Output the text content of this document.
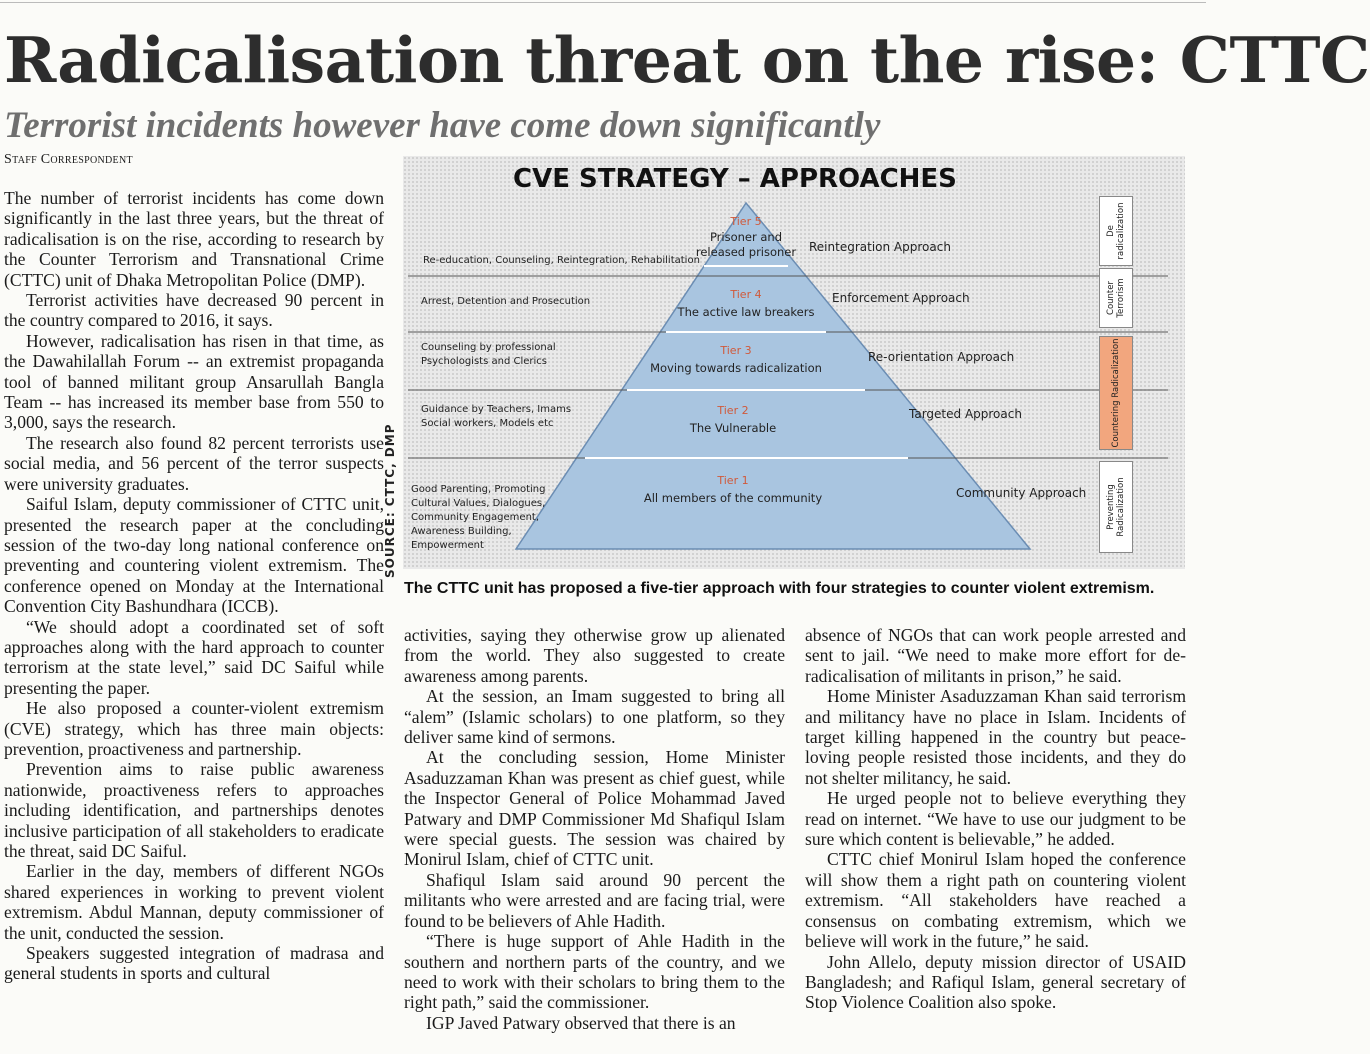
Radicalisation threat on the rise: CTTC
Terrorist incidents however have come down significantly
Staff Correspondent

The number of terrorist incidents has come down significantly in the last three years, but the threat of radicalisation is on the rise, according to research by the Counter Terrorism and Transnational Crime (CTTC) unit of Dhaka Metropolitan Police (DMP).

Terrorist activities have decreased 90 percent in the country compared to 2016, it says.

However, radicalisation has risen in that time, as the Dawahilallah Forum -- an extremist propaganda tool of banned militant group Ansarullah Bangla Team -- has increased its member base from 550 to 3,000, says the research.

The research also found 82 percent terrorists use social media, and 56 percent of the terror suspects were university graduates.

Saiful Islam, deputy commissioner of CTTC unit, presented the research paper at the concluding session of the two-day long national conference on preventing and countering violent extremism. The conference opened on Monday at the International Convention City Bashundhara (ICCB).

“We should adopt a coordinated set of soft approaches along with the hard approach to counter terrorism at the state level,” said DC Saiful while presenting the paper.

He also proposed a counter-violent extremism (CVE) strategy, which has three main objects: prevention, proactiveness and partnership.

Prevention aims to raise public awareness nationwide, proactiveness refers to approaches including identification, and partnerships denotes inclusive participation of all stakeholders to eradicate the threat, said DC Saiful.

Earlier in the day, members of different NGOs shared experiences in working to prevent violent extremism. Abdul Mannan, deputy commissioner of the unit, conducted the session.

Speakers suggested integration of madrasa and general students in sports and cultural

SOURCE: CTTC, DMP
CVE STRATEGY – APPROACHES
Tier 5
Prisoner and released prisoner
Re-education, Counseling, Reintegration, Rehabilitation
Reintegration Approach
Tier 4
The active law breakers
Arrest, Detention and Prosecution	Enforcement Approach
Tier 3
Moving towards radicalization
Counseling by professional Psychologists and Clerics	Re-orientation Approach
Tier 2
The Vulnerable
Guidance by Teachers, Imams Social workers, Models etc
Targeted Approach
Tier 1
All members of the community
Good Parenting, Promoting Cultural Values, Dialogues, Community Engagement, Awareness Building, Empowerment
Community Approach
De radicalization
Counter Terrorism
Countering Radicalization
Preventing Radicalization
The CTTC unit has proposed a five-tier approach with four strategies to counter violent extremism.

activities, saying they otherwise grow up alienated from the world. They also suggested to create awareness among parents.

At the session, an Imam suggested to bring all “alem” (Islamic scholars) to one platform, so they deliver same kind of sermons.

At the concluding session, Home Minister Asaduzzaman Khan was present as chief guest, while the Inspector General of Police Mohammad Javed Patwary and DMP Commissioner Md Shafiqul Islam were special guests. The session was chaired by Monirul Islam, chief of CTTC unit.

Shafiqul Islam said around 90 percent the militants who were arrested and are facing trial, were found to be believers of Ahle Hadith.

“There is huge support of Ahle Hadith in the southern and northern parts of the country, and we need to work with their scholars to bring them to the right path,” said the commissioner.

IGP Javed Patwary observed that there is an

absence of NGOs that can work people arrested and sent to jail. “We need to make more effort for de-radicalisation of militants in prison,” he said.

Home Minister Asaduzzaman Khan said terrorism and militancy have no place in Islam. Incidents of target killing happened in the country but peace-loving people resisted those incidents, and they do not shelter militancy, he said.

He urged people not to believe everything they read on internet. “We have to use our judgment to be sure which content is believable,” he added.

CTTC chief Monirul Islam hoped the conference will show them a right path on countering violent extremism. “All stakeholders have reached a consensus on combating extremism, which we believe will work in the future,” he said.

John Allelo, deputy mission director of USAID Bangladesh; and Rafiqul Islam, general secretary of Stop Violence Coalition also spoke.
